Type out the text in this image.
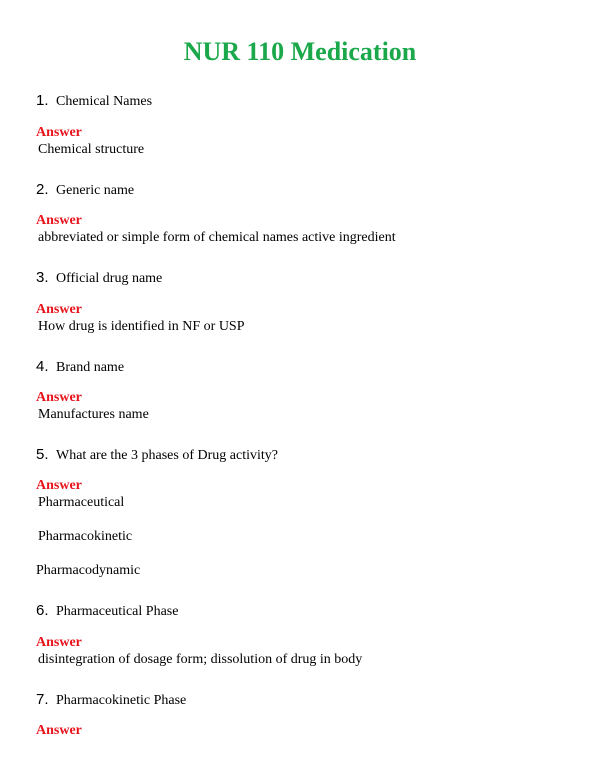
NUR 110 Medication
1. Chemical Names
Answer
Chemical structure
2. Generic name
Answer
abbreviated or simple form of chemical names active ingredient
3. Official drug name
Answer
How drug is identified in NF or USP
4. Brand name
Answer
Manufactures name
5. What are the 3 phases of Drug activity?
Answer
Pharmaceutical
Pharmacokinetic
Pharmacodynamic
6. Pharmaceutical Phase
Answer
disintegration of dosage form; dissolution of drug in body
7. Pharmacokinetic Phase
Answer
